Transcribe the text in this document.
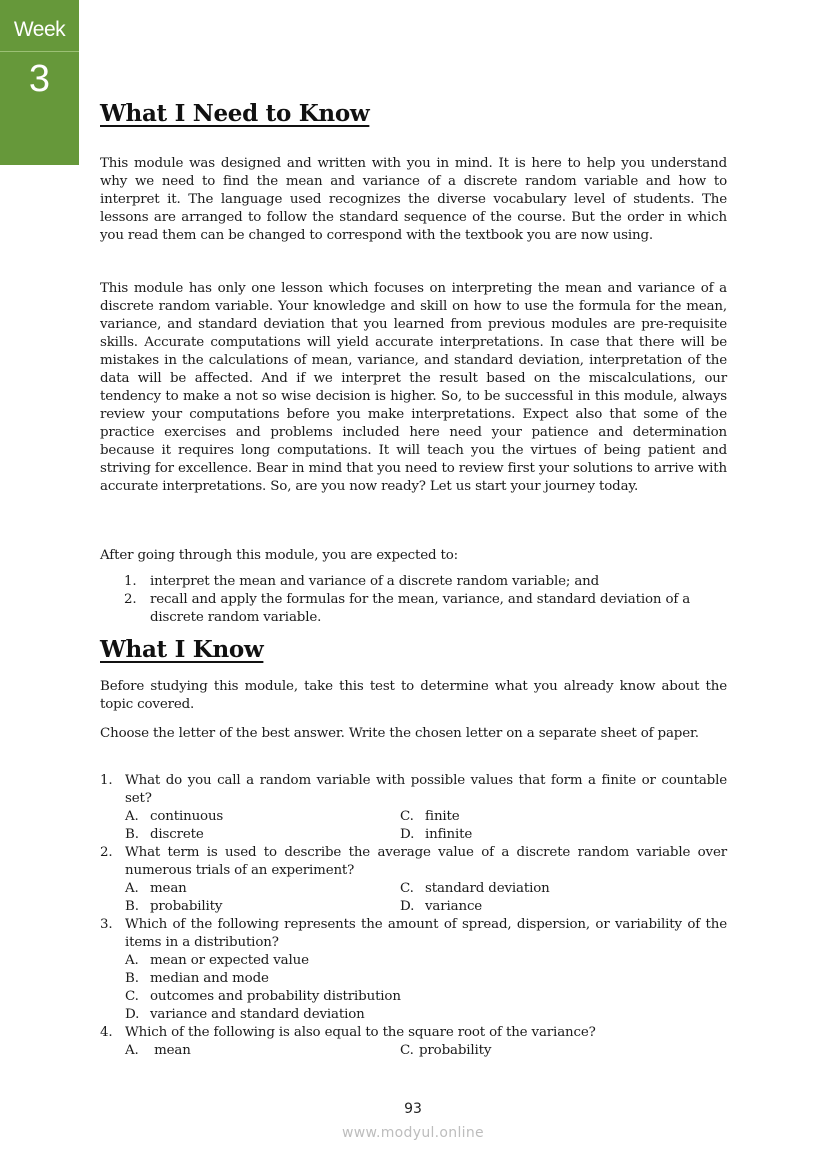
Week
3
What I Need to Know

This module was designed and written with you in mind. It is here to help you understand why we need to find the mean and variance of a discrete random variable and how to interpret it. The language used recognizes the diverse vocabulary level of students. The lessons are arranged to follow the standard sequence of the course. But the order in which you read them can be changed to correspond with the textbook you are now using.

This module has only one lesson which focuses on interpreting the mean and variance of a discrete random variable. Your knowledge and skill on how to use the formula for the mean, variance, and standard deviation that you learned from previous modules are pre-requisite skills. Accurate computations will yield accurate interpretations. In case that there will be mistakes in the calculations of mean, variance, and standard deviation, interpretation of the data will be affected. And if we interpret the result based on the miscalculations, our tendency to make a not so wise decision is higher. So, to be successful in this module, always review your computations before you make interpretations. Expect also that some of the practice exercises and problems included here need your patience and determination because it requires long computations. It will teach you the virtues of being patient and striving for excellence. Bear in mind that you need to review first your solutions to arrive with accurate interpretations. So, are you now ready? Let us start your journey today.

After going through this module, you are expected to:
1.	interpret the mean and variance of a discrete random variable; and
2.	recall and apply the formulas for the mean, variance, and standard deviation of a discrete random variable.
What I Know

Before studying this module, take this test to determine what you already know about the topic covered.

Choose the letter of the best answer. Write the chosen letter on a separate sheet of paper.

1. What do you call a random variable with possible values that form a finite or countable set?
A. continuous	C. finite
B. discrete	D. infinite
2. What term is used to describe the average value of a discrete random variable over numerous trials of an experiment?
A. mean	C. standard deviation
B. probability	D. variance
3. Which of the following represents the amount of spread, dispersion, or variability of the items in a distribution?
A. mean or expected value
B. median and mode
C. outcomes and probability distribution
D. variance and standard deviation
4. Which of the following is also equal to the square root of the variance?
A. mean	C. probability
93
www.modyul.online
